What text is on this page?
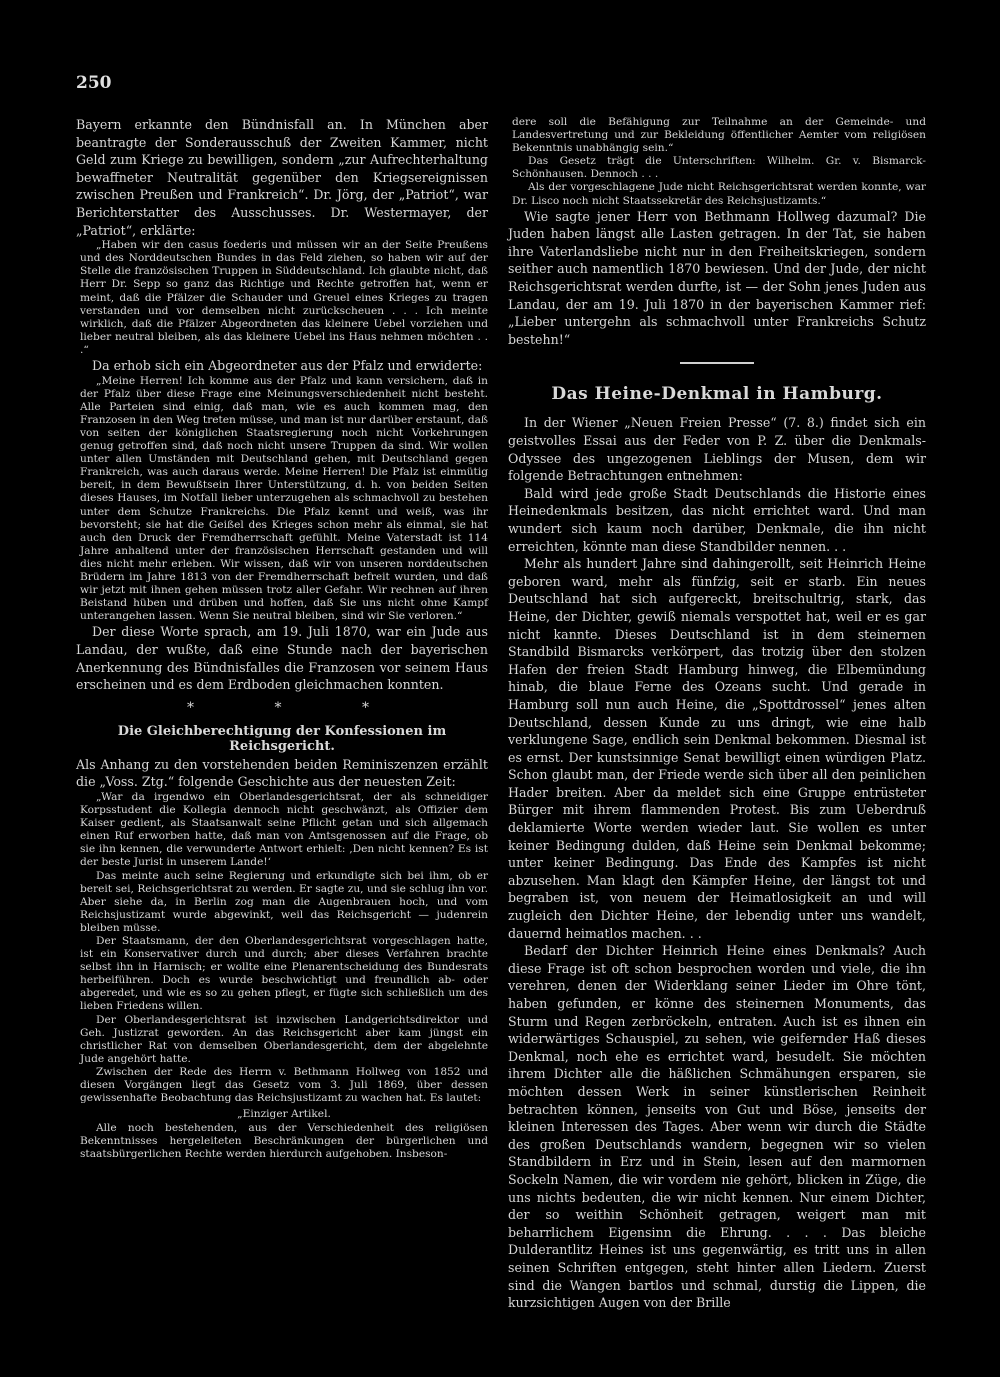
250

Bayern erkannte den Bündnisfall an. In München aber beantragte der Sonderausschuß der Zweiten Kammer, nicht Geld zum Kriege zu bewilligen, sondern „zur Aufrechterhaltung bewaffneter Neutralität gegenüber den Kriegsereignissen zwischen Preußen und Frankreich“. Dr. Jörg, der „Patriot“, war Berichterstatter des Ausschusses. Dr. Westermayer, der „Patriot“, erklärte:

„Haben wir den casus foederis und müssen wir an der Seite Preußens und des Norddeutschen Bundes in das Feld ziehen, so haben wir auf der Stelle die französischen Truppen in Süddeutschland. Ich glaubte nicht, daß Herr Dr. Sepp so ganz das Richtige und Rechte getroffen hat, wenn er meint, daß die Pfälzer die Schauder und Greuel eines Krieges zu tragen verstanden und vor demselben nicht zurückscheuen . . . Ich meinte wirklich, daß die Pfälzer Abgeordneten das kleinere Uebel vorziehen und lieber neutral bleiben, als das kleinere Uebel ins Haus nehmen möchten . . .“

Da erhob sich ein Abgeordneter aus der Pfalz und erwiderte:

„Meine Herren! Ich komme aus der Pfalz und kann versichern, daß in der Pfalz über diese Frage eine Meinungsverschiedenheit nicht besteht. Alle Parteien sind einig, daß man, wie es auch kommen mag, den Franzosen in den Weg treten müsse, und man ist nur darüber erstaunt, daß von seiten der königlichen Staatsregierung noch nicht Vorkehrungen genug getroffen sind, daß noch nicht unsere Truppen da sind. Wir wollen unter allen Umständen mit Deutschland gehen, mit Deutschland gegen Frankreich, was auch daraus werde. Meine Herren! Die Pfalz ist einmütig bereit, in dem Bewußtsein Ihrer Unterstützung, d. h. von beiden Seiten dieses Hauses, im Notfall lieber unterzugehen als schmachvoll zu bestehen unter dem Schutze Frankreichs. Die Pfalz kennt und weiß, was ihr bevorsteht; sie hat die Geißel des Krieges schon mehr als einmal, sie hat auch den Druck der Fremdherrschaft gefühlt. Meine Vaterstadt ist 114 Jahre anhaltend unter der französischen Herrschaft gestanden und will dies nicht mehr erleben. Wir wissen, daß wir von unseren norddeutschen Brüdern im Jahre 1813 von der Fremdherrschaft befreit wurden, und daß wir jetzt mit ihnen gehen müssen trotz aller Gefahr. Wir rechnen auf ihren Beistand hüben und drüben und hoffen, daß Sie uns nicht ohne Kampf unterangehen lassen. Wenn Sie neutral bleiben, sind wir Sie verloren.“

Der diese Worte sprach, am 19. Juli 1870, war ein Jude aus Landau, der wußte, daß eine Stunde nach der bayerischen Anerkennung des Bündnisfalles die Franzosen vor seinem Haus erscheinen und es dem Erdboden gleichmachen konnten.

* * *

Die Gleichberechtigung der Konfessionen im Reichsgericht.

Als Anhang zu den vorstehenden beiden Reminiszenzen erzählt die „Voss. Ztg.“ folgende Geschichte aus der neuesten Zeit:

„War da irgendwo ein Oberlandesgerichtsrat, der als schneidiger Korpsstudent die Kollegia dennoch nicht geschwänzt, als Offizier dem Kaiser gedient, als Staatsanwalt seine Pflicht getan und sich allgemach einen Ruf erworben hatte, daß man von Amtsgenossen auf die Frage, ob sie ihn kennen, die verwunderte Antwort erhielt: ‚Den nicht kennen? Es ist der beste Jurist in unserem Lande!‘

Das meinte auch seine Regierung und erkundigte sich bei ihm, ob er bereit sei, Reichsgerichtsrat zu werden. Er sagte zu, und sie schlug ihn vor. Aber siehe da, in Berlin zog man die Augenbrauen hoch, und vom Reichsjustizamt wurde abgewinkt, weil das Reichsgericht — judenrein bleiben müsse.

Der Staatsmann, der den Oberlandesgerichtsrat vorgeschlagen hatte, ist ein Konservativer durch und durch; aber dieses Verfahren brachte selbst ihn in Harnisch; er wollte eine Plenarentscheidung des Bundesrats herbeiführen. Doch es wurde beschwichtigt und freundlich ab- oder abgeredet, und wie es so zu gehen pflegt, er fügte sich schließlich um des lieben Friedens willen.

Der Oberlandesgerichtsrat ist inzwischen Landgerichtsdirektor und Geh. Justizrat geworden. An das Reichsgericht aber kam jüngst ein christlicher Rat von demselben Oberlandesgericht, dem der abgelehnte Jude angehört hatte.

Zwischen der Rede des Herrn v. Bethmann Hollweg von 1852 und diesen Vorgängen liegt das Gesetz vom 3. Juli 1869, über dessen gewissenhafte Beobachtung das Reichsjustizamt zu wachen hat. Es lautet:

„Einziger Artikel.

Alle noch bestehenden, aus der Verschiedenheit des religiösen Bekenntnisses hergeleiteten Beschränkungen der bürgerlichen und staatsbürgerlichen Rechte werden hierdurch aufgehoben. Insbeson-

dere soll die Befähigung zur Teilnahme an der Gemeinde- und Landesvertretung und zur Bekleidung öffentlicher Aemter vom religiösen Bekenntnis unabhängig sein.“

Das Gesetz trägt die Unterschriften: Wilhelm. Gr. v. Bismarck-Schönhausen. Dennoch . . .

Als der vorgeschlagene Jude nicht Reichsgerichtsrat werden konnte, war Dr. Lisco noch nicht Staatssekretär des Reichsjustizamts.“

Wie sagte jener Herr von Bethmann Hollweg dazumal? Die Juden haben längst alle Lasten getragen. In der Tat, sie haben ihre Vaterlandsliebe nicht nur in den Freiheitskriegen, sondern seither auch namentlich 1870 bewiesen. Und der Jude, der nicht Reichsgerichtsrat werden durfte, ist — der Sohn jenes Juden aus Landau, der am 19. Juli 1870 in der bayerischen Kammer rief: „Lieber untergehn als schmachvoll unter Frankreichs Schutz bestehn!“

Das Heine-Denkmal in Hamburg.

In der Wiener „Neuen Freien Presse“ (7. 8.) findet sich ein geistvolles Essai aus der Feder von P. Z. über die Denkmals-Odyssee des ungezogenen Lieblings der Musen, dem wir folgende Betrachtungen entnehmen:

Bald wird jede große Stadt Deutschlands die Historie eines Heinedenkmals besitzen, das nicht errichtet ward. Und man wundert sich kaum noch darüber, Denkmale, die ihn nicht erreichten, könnte man diese Standbilder nennen. . .

Mehr als hundert Jahre sind dahingerollt, seit Heinrich Heine geboren ward, mehr als fünfzig, seit er starb. Ein neues Deutschland hat sich aufgereckt, breitschultrig, stark, das Heine, der Dichter, gewiß niemals verspottet hat, weil er es gar nicht kannte. Dieses Deutschland ist in dem steinernen Standbild Bismarcks verkörpert, das trotzig über den stolzen Hafen der freien Stadt Hamburg hinweg, die Elbemündung hinab, die blaue Ferne des Ozeans sucht. Und gerade in Hamburg soll nun auch Heine, die „Spottdrossel“ jenes alten Deutschland, dessen Kunde zu uns dringt, wie eine halb verklungene Sage, endlich sein Denkmal bekommen. Diesmal ist es ernst. Der kunstsinnige Senat bewilligt einen würdigen Platz. Schon glaubt man, der Friede werde sich über all den peinlichen Hader breiten. Aber da meldet sich eine Gruppe entrüsteter Bürger mit ihrem flammenden Protest. Bis zum Ueberdruß deklamierte Worte werden wieder laut. Sie wollen es unter keiner Bedingung dulden, daß Heine sein Denkmal bekomme; unter keiner Bedingung. Das Ende des Kampfes ist nicht abzusehen. Man klagt den Kämpfer Heine, der längst tot und begraben ist, von neuem der Heimatlosigkeit an und will zugleich den Dichter Heine, der lebendig unter uns wandelt, dauernd heimatlos machen. . .

Bedarf der Dichter Heinrich Heine eines Denkmals? Auch diese Frage ist oft schon besprochen worden und viele, die ihn verehren, denen der Widerklang seiner Lieder im Ohre tönt, haben gefunden, er könne des steinernen Monuments, das Sturm und Regen zerbröckeln, entraten. Auch ist es ihnen ein widerwärtiges Schauspiel, zu sehen, wie geifernder Haß dieses Denkmal, noch ehe es errichtet ward, besudelt. Sie möchten ihrem Dichter alle die häßlichen Schmähungen ersparen, sie möchten dessen Werk in seiner künstlerischen Reinheit betrachten können, jenseits von Gut und Böse, jenseits der kleinen Interessen des Tages. Aber wenn wir durch die Städte des großen Deutschlands wandern, begegnen wir so vielen Standbildern in Erz und in Stein, lesen auf den marmornen Sockeln Namen, die wir vordem nie gehört, blicken in Züge, die uns nichts bedeuten, die wir nicht kennen. Nur einem Dichter, der so weithin Schönheit getragen, weigert man mit beharrlichem Eigensinn die Ehrung. . . . Das bleiche Dulderantlitz Heines ist uns gegenwärtig, es tritt uns in allen seinen Schriften entgegen, steht hinter allen Liedern. Zuerst sind die Wangen bartlos und schmal, durstig die Lippen, die kurzsichtigen Augen von der Brille
